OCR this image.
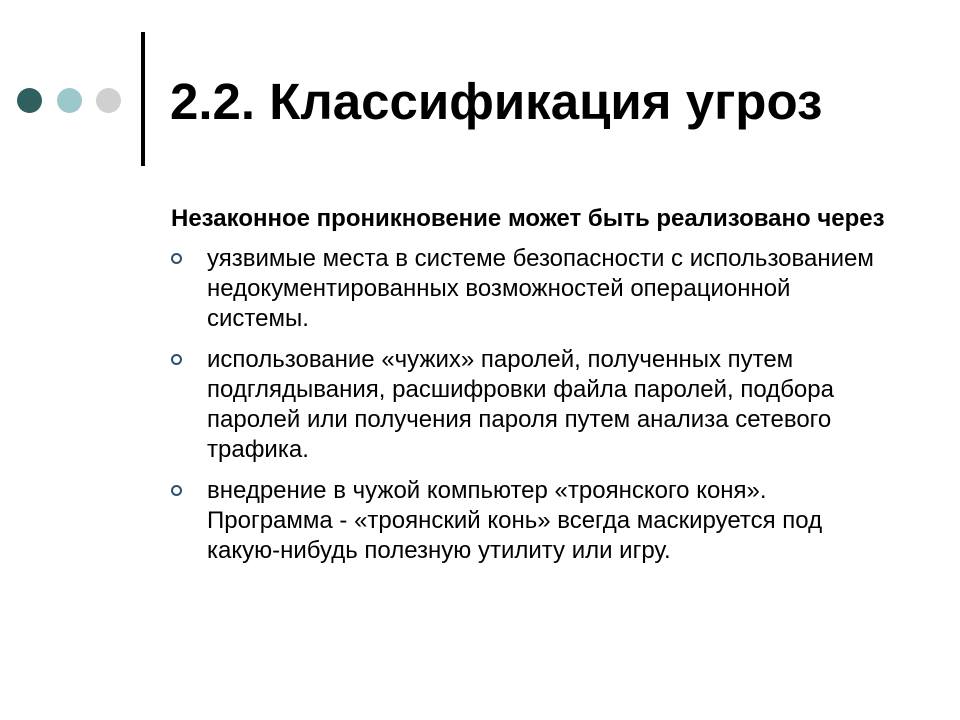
2.2. Классификация угроз

Незаконное проникновение может быть реализовано через

уязвимые места в системе безопасности с использованием недокументированных возможностей операционной системы.
использование «чужих» паролей, полученных путем подглядывания, расшифровки файла паролей, подбора паролей или получения пароля путем анализа сетевого трафика.
внедрение в чужой компьютер «троянского коня». Программа - «троянский конь» всегда маскируется под какую-нибудь полезную утилиту или игру.
